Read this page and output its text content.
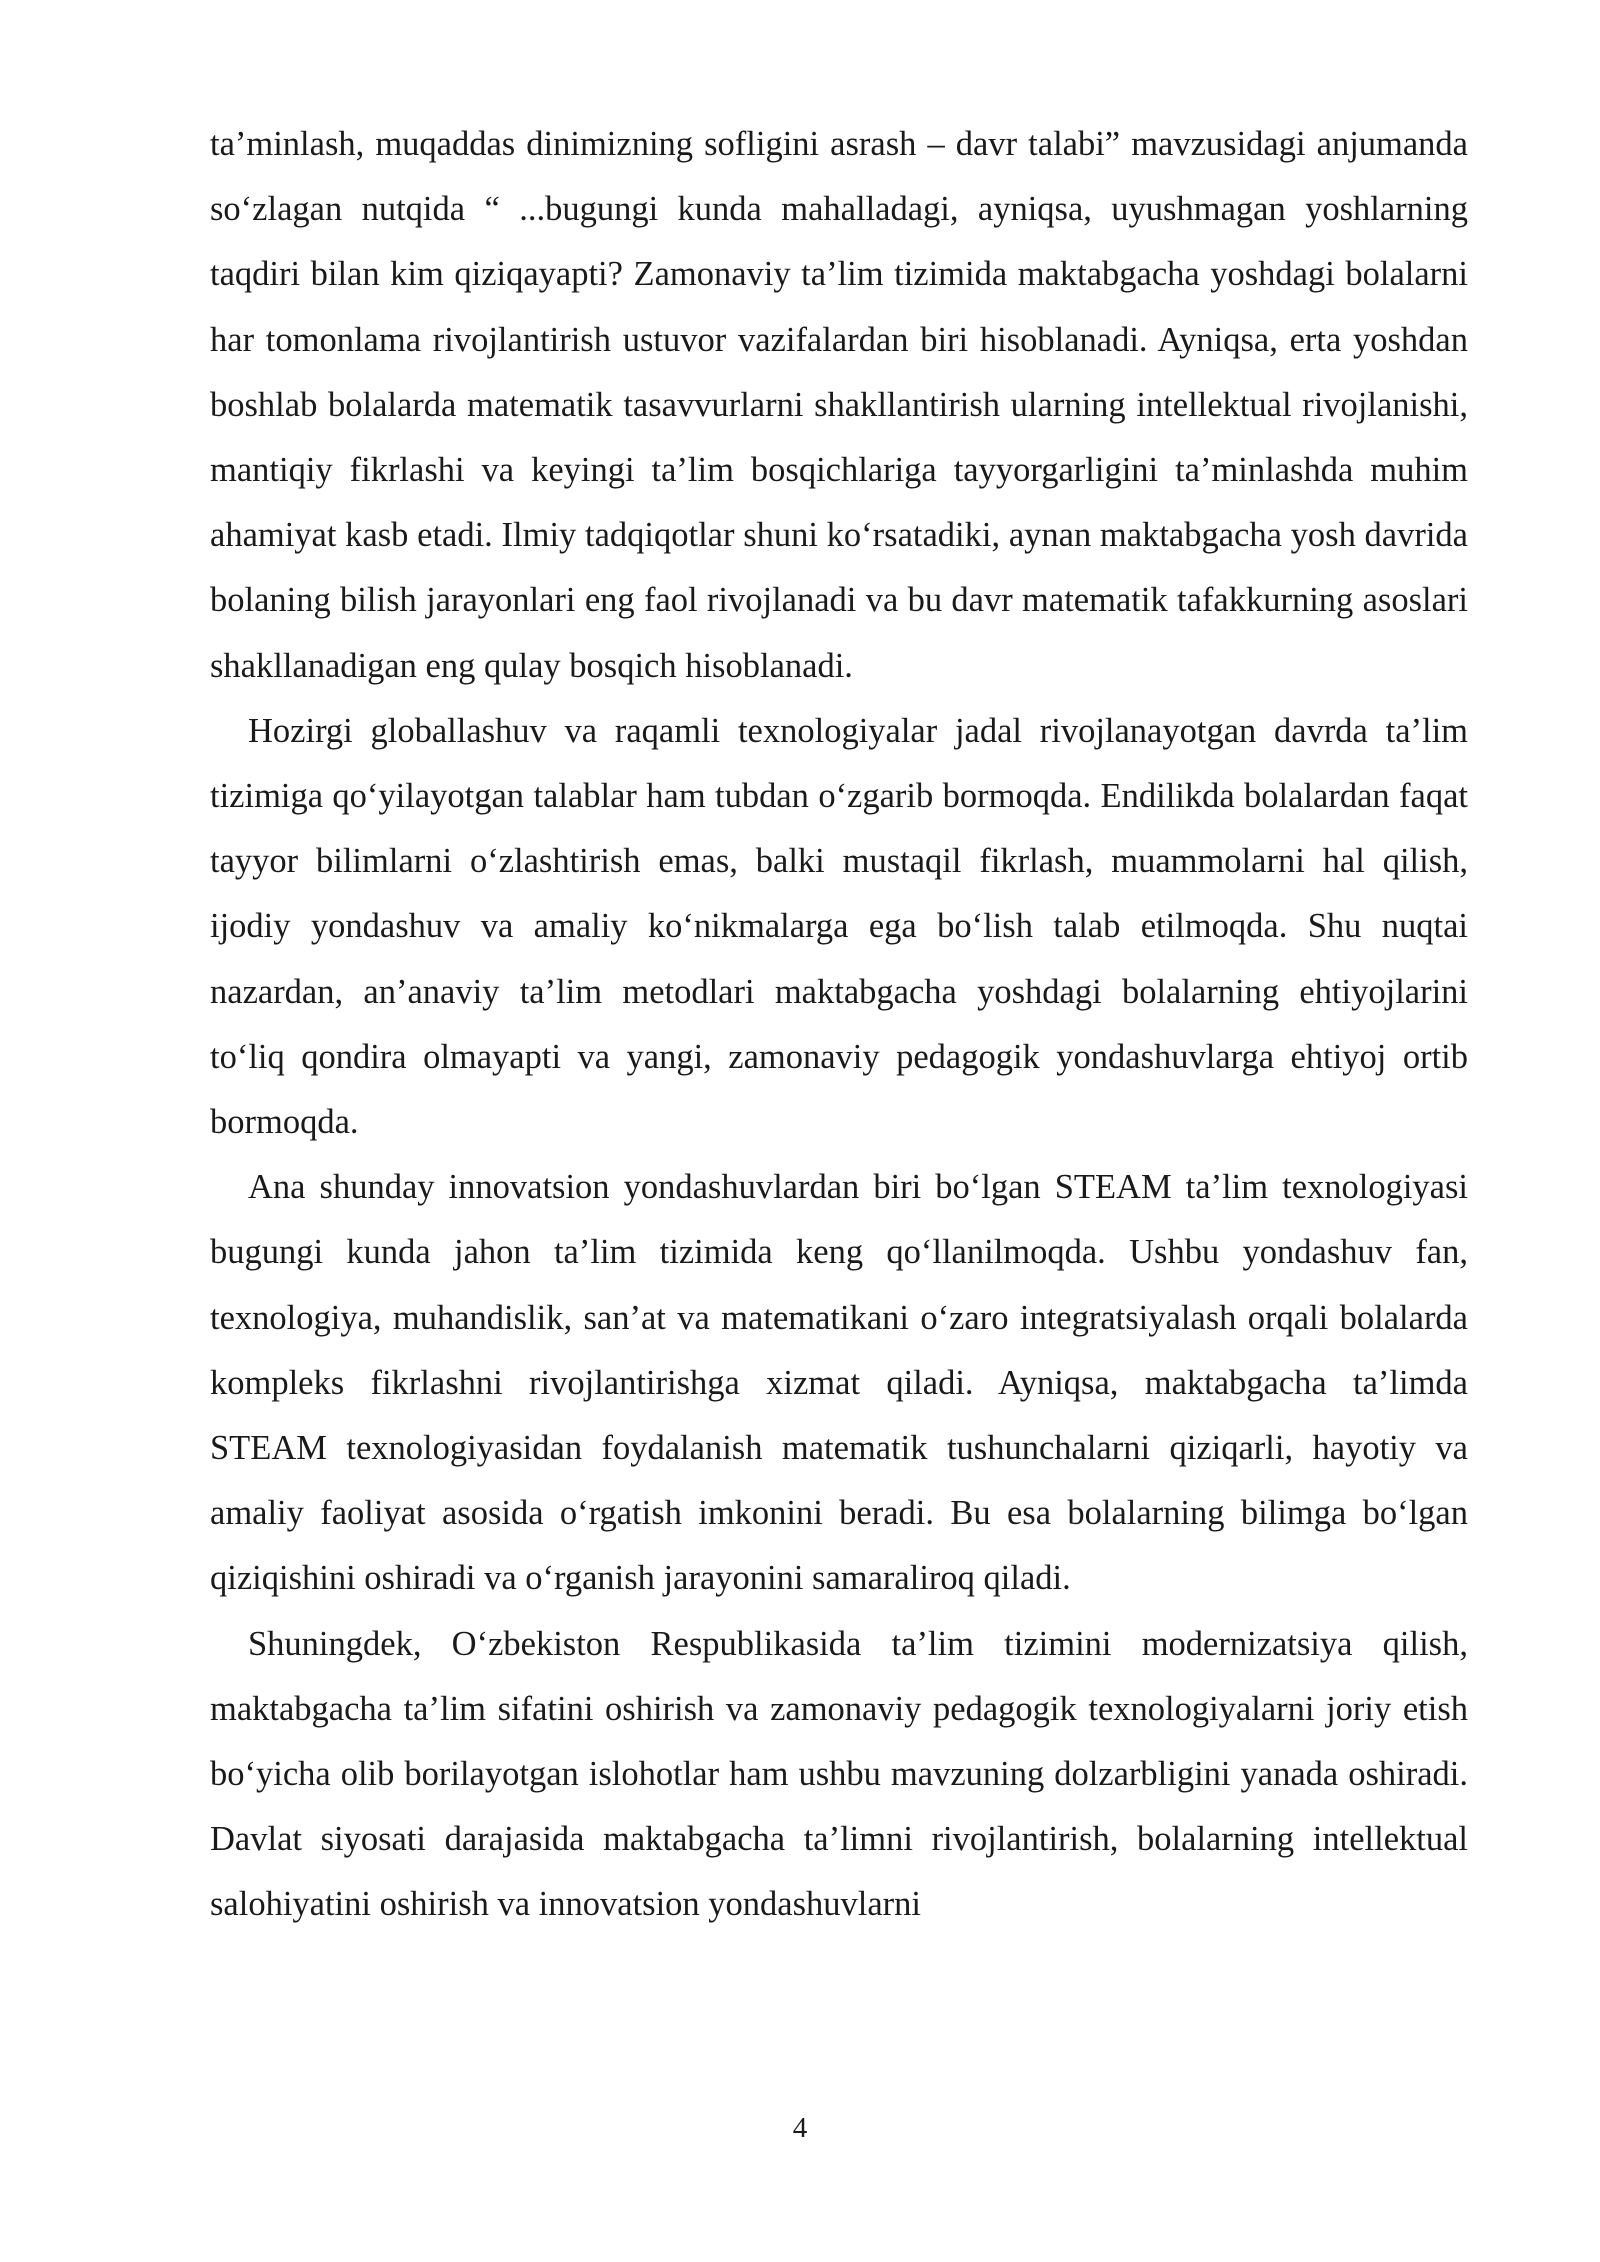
ta’minlash, muqaddas dinimizning sofligini asrash – davr talabi” mavzusidagi anjumanda so‘zlagan nutqida “ ...bugungi kunda mahalladagi, ayniqsa, uyushmagan yoshlarning taqdiri bilan kim qiziqayapti? Zamonaviy ta’lim tizimida maktabgacha yoshdagi bolalarni har tomonlama rivojlantirish ustuvor vazifalardan biri hisoblanadi. Ayniqsa, erta yoshdan boshlab bolalarda matematik tasavvurlarni shakllantirish ularning intellektual rivojlanishi, mantiqiy fikrlashi va keyingi ta’lim bosqichlariga tayyorgarligini ta’minlashda muhim ahamiyat kasb etadi. Ilmiy tadqiqotlar shuni ko‘rsatadiki, aynan maktabgacha yosh davrida bolaning bilish jarayonlari eng faol rivojlanadi va bu davr matematik tafakkurning asoslari shakllanadigan eng qulay bosqich hisoblanadi.

Hozirgi globallashuv va raqamli texnologiyalar jadal rivojlanayotgan davrda ta’lim tizimiga qo‘yilayotgan talablar ham tubdan o‘zgarib bormoqda. Endilikda bolalardan faqat tayyor bilimlarni o‘zlashtirish emas, balki mustaqil fikrlash, muammolarni hal qilish, ijodiy yondashuv va amaliy ko‘nikmalarga ega bo‘lish talab etilmoqda. Shu nuqtai nazardan, an’anaviy ta’lim metodlari maktabgacha yoshdagi bolalarning ehtiyojlarini to‘liq qondira olmayapti va yangi, zamonaviy pedagogik yondashuvlarga ehtiyoj ortib bormoqda.

Ana shunday innovatsion yondashuvlardan biri bo‘lgan STEAM ta’lim texnologiyasi bugungi kunda jahon ta’lim tizimida keng qo‘llanilmoqda. Ushbu yondashuv fan, texnologiya, muhandislik, san’at va matematikani o‘zaro integratsiyalash orqali bolalarda kompleks fikrlashni rivojlantirishga xizmat qiladi. Ayniqsa, maktabgacha ta’limda STEAM texnologiyasidan foydalanish matematik tushunchalarni qiziqarli, hayotiy va amaliy faoliyat asosida o‘rgatish imkonini beradi. Bu esa bolalarning bilimga bo‘lgan qiziqishini oshiradi va o‘rganish jarayonini samaraliroq qiladi.

Shuningdek, O‘zbekiston Respublikasida ta’lim tizimini modernizatsiya qilish, maktabgacha ta’lim sifatini oshirish va zamonaviy pedagogik texnologiyalarni joriy etish bo‘yicha olib borilayotgan islohotlar ham ushbu mavzuning dolzarbligini yanada oshiradi. Davlat siyosati darajasida maktabgacha ta’limni rivojlantirish, bolalarning intellektual salohiyatini oshirish va innovatsion yondashuvlarni

4
